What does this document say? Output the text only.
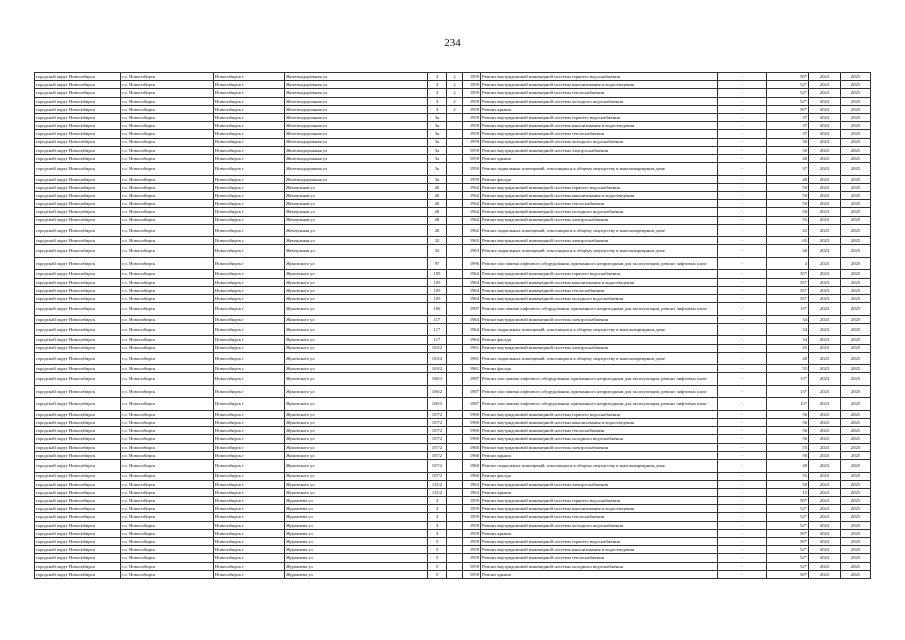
234
городской округ Новосибирск	г.о. Новосибирск	Новосибирск г	Железнодорожная ул	3	2	1959	Ремонт внутридомовой инженерной системы горячего водоснабжения	-	50*	2023	2025
городской округ Новосибирск	г.о. Новосибирск	Новосибирск г	Железнодорожная ул	3	2	1959	Ремонт внутридомовой инженерной системы канализования и водоотведения	-	52*	2023	2025
городской округ Новосибирск	г.о. Новосибирск	Новосибирск г	Железнодорожная ул	3	2	1959	Ремонт внутридомовой инженерной системы теплоснабжения	-	52*	2023	2025
городской округ Новосибирск	г.о. Новосибирск	Новосибирск г	Железнодорожная ул	3	2	1959	Ремонт внутридомовой инженерной системы холодного водоснабжения	-	52*	2023	2025
городской округ Новосибирск	г.о. Новосибирск	Новосибирск г	Железнодорожная ул	3	2	1959	Ремонт крыши	-	50*	2023	2025
городской округ Новосибирск	г.о. Новосибирск	Новосибирск г	Железнодорожная ул	3а		1959	Ремонт внутридомовой инженерной системы горячего водоснабжения	-	37	2023	2025
городской округ Новосибирск	г.о. Новосибирск	Новосибирск г	Железнодорожная ул	3а		1959	Ремонт внутридомовой инженерной системы канализования и водоотведения	-	37	2023	2025
городской округ Новосибирск	г.о. Новосибирск	Новосибирск г	Железнодорожная ул	3а		1959	Ремонт внутридомовой инженерной системы теплоснабжения	-	37	2023	2025
городской округ Новосибирск	г.о. Новосибирск	Новосибирск г	Железнодорожная ул	3а		1959	Ремонт внутридомовой инженерной системы холодного водоснабжения	-	30	2023	2025
городской округ Новосибирск	г.о. Новосибирск	Новосибирск г	Железнодорожная ул	3а		1959	Ремонт внутридомовой инженерной системы электроснабжения	-	30	2023	2025
городской округ Новосибирск	г.о. Новосибирск	Новосибирск г	Железнодорожная ул	3а		1959	Ремонт крыши	-	40	2023	2025
городской округ Новосибирск	г.о. Новосибирск	Новосибирск г	Железнодорожная ул	3а		1959	Ремонт подвальных помещений, относящихся к общему имуществу в многоквартирном доме	-	37	2023	2025
городской округ Новосибирск	г.о. Новосибирск	Новосибирск г	Железнодорожная ул	3а		1959	Ремонт фасада	-	40	2023	2025
городской округ Новосибирск	г.о. Новосибирск	Новосибирск г	Жемчужная ул	26		1962	Ремонт внутридомовой инженерной системы горячего водоснабжения	-	50	2023	2025
городской округ Новосибирск	г.о. Новосибирск	Новосибирск г	Жемчужная ул	26		1962	Ремонт внутридомовой инженерной системы канализования и водоотведения	-	50	2023	2025
городской округ Новосибирск	г.о. Новосибирск	Новосибирск г	Жемчужная ул	26		1962	Ремонт внутридомовой инженерной системы теплоснабжения	-	50	2023	2025
городской округ Новосибирск	г.о. Новосибирск	Новосибирск г	Жемчужная ул	26		1962	Ремонт внутридомовой инженерной системы холодного водоснабжения	-	50	2023	2025
городской округ Новосибирск	г.о. Новосибирск	Новосибирск г	Жемчужная ул	28		1962	Ремонт внутридомовой инженерной системы электроснабжения	-	55	2023	2025
городской округ Новосибирск	г.о. Новосибирск	Новосибирск г	Жемчужная ул	28		1962	Ремонт подвальных помещений, относящихся к общему имуществу в многоквартирном доме	-	43	2023	2025
городской округ Новосибирск	г.о. Новосибирск	Новосибирск г	Жемчужная ул	32		1963	Ремонт внутридомовой инженерной системы электроснабжения	-	65	2023	2025
городской округ Новосибирск	г.о. Новосибирск	Новосибирск г	Жемчужная ул	32		1963	Ремонт подвальных помещений, относящихся к общему имуществу в многоквартирном доме	-	40	2023	2025
городской округ Новосибирск	г.о. Новосибирск	Новосибирск г	Жуковского ул	97		1996	Ремонт или замена лифтового оборудования, признанного непригодным для эксплуатации, ремонт лифтовых шахт	-	4	2023	2025
городской округ Новосибирск	г.о. Новосибирск	Новосибирск г	Жуковского ул	105		1964	Ремонт внутридомовой инженерной системы горячего водоснабжения	-	35*	2023	2025
городской округ Новосибирск	г.о. Новосибирск	Новосибирск г	Жуковского ул	105		1964	Ремонт внутридомовой инженерной системы канализования и водоотведения	-	35*	2023	2025
городской округ Новосибирск	г.о. Новосибирск	Новосибирск г	Жуковского ул	105		1964	Ремонт внутридомовой инженерной системы теплоснабжения	-	35*	2023	2025
городской округ Новосибирск	г.о. Новосибирск	Новосибирск г	Жуковского ул	105		1964	Ремонт внутридомовой инженерной системы холодного водоснабжения	-	35*	2023	2025
городской округ Новосибирск	г.о. Новосибирск	Новосибирск г	Жуковского ул	106		1987	Ремонт или замена лифтового оборудования, признанного непригодным для эксплуатации, ремонт лифтовых шахт	-	13*	2023	2025
городской округ Новосибирск	г.о. Новосибирск	Новосибирск г	Жуковского ул	117		1964	Ремонт внутридомовой инженерной системы электроснабжения	-	34	2023	2025
городской округ Новосибирск	г.о. Новосибирск	Новосибирск г	Жуковского ул	117		1964	Ремонт подвальных помещений, относящихся к общему имуществу в многоквартирном доме	-	34	2023	2025
городской округ Новосибирск	г.о. Новосибирск	Новосибирск г	Жуковского ул	117		1964	Ремонт фасада	-	34	2023	2025
городской округ Новосибирск	г.о. Новосибирск	Новосибирск г	Жуковского ул	103/2		1961	Ремонт внутридомовой инженерной системы электроснабжения	-	45	2023	2025
городской округ Новосибирск	г.о. Новосибирск	Новосибирск г	Жуковского ул	103/2		1961	Ремонт подвальных помещений, относящихся к общему имуществу в многоквартирном доме	-	40	2023	2025
городской округ Новосибирск	г.о. Новосибирск	Новосибирск г	Жуковского ул	103/2		1961	Ремонт фасада	-	55	2023	2025
городской округ Новосибирск	г.о. Новосибирск	Новосибирск г	Жуковского ул	106/1		1987	Ремонт или замена лифтового оборудования, признанного непригодным для эксплуатации, ремонт лифтовых шахт	-	13*	2023	2025
городской округ Новосибирск	г.о. Новосибирск	Новосибирск г	Жуковского ул	106/2		1987	Ремонт или замена лифтового оборудования, признанного непригодным для эксплуатации, ремонт лифтовых шахт	-	13*	2023	2025
городской округ Новосибирск	г.о. Новосибирск	Новосибирск г	Жуковского ул	106/3		1987	Ремонт или замена лифтового оборудования, признанного непригодным для эксплуатации, ремонт лифтовых шахт	-	13*	2023	2025
городской округ Новосибирск	г.о. Новосибирск	Новосибирск г	Жуковского ул	107/2		1960	Ремонт внутридомовой инженерной системы горячего водоснабжения	-	56	2023	2025
городской округ Новосибирск	г.о. Новосибирск	Новосибирск г	Жуковского ул	107/2		1960	Ремонт внутридомовой инженерной системы канализования и водоотведения	-	56	2023	2025
городской округ Новосибирск	г.о. Новосибирск	Новосибирск г	Жуковского ул	107/2		1960	Ремонт внутридомовой инженерной системы теплоснабжения	-	56	2023	2025
городской округ Новосибирск	г.о. Новосибирск	Новосибирск г	Жуковского ул	107/2		1960	Ремонт внутридомовой инженерной системы холодного водоснабжения	-	56	2023	2025
городской округ Новосибирск	г.о. Новосибирск	Новосибирск г	Жуковского ул	107/2		1960	Ремонт внутридомовой инженерной системы электроснабжения	-	55	2023	2025
городской округ Новосибирск	г.о. Новосибирск	Новосибирск г	Жуковского ул	107/2		1960	Ремонт крыши	-	50	2023	2025
городской округ Новосибирск	г.о. Новосибирск	Новосибирск г	Жуковского ул	107/2		1960	Ремонт подвальных помещений, относящихся к общему имуществу в многоквартирном доме	-	49	2023	2025
городской округ Новосибирск	г.о. Новосибирск	Новосибирск г	Жуковского ул	107/2		1960	Ремонт фасада	-	55	2023	2025
городской округ Новосибирск	г.о. Новосибирск	Новосибирск г	Жуковского ул	115/2		1963	Ремонт внутридомовой инженерной системы электроснабжения	-	50	2023	2025
городской округ Новосибирск	г.о. Новосибирск	Новосибирск г	Жуковского ул	115/2		1963	Ремонт крыши	-	15	2023	2025
городской округ Новосибирск	г.о. Новосибирск	Новосибирск г	Журавлева ул	3		1959	Ремонт внутридомовой инженерной системы горячего водоснабжения	-	50*	2023	2025
городской округ Новосибирск	г.о. Новосибирск	Новосибирск г	Журавлева ул	3		1959	Ремонт внутридомовой инженерной системы канализования и водоотведения	-	52*	2023	2025
городской округ Новосибирск	г.о. Новосибирск	Новосибирск г	Журавлева ул	3		1959	Ремонт внутридомовой инженерной системы теплоснабжения	-	52*	2023	2025
городской округ Новосибирск	г.о. Новосибирск	Новосибирск г	Журавлева ул	3		1959	Ремонт внутридомовой инженерной системы холодного водоснабжения	-	52*	2023	2025
городской округ Новосибирск	г.о. Новосибирск	Новосибирск г	Журавлева ул	3		1959	Ремонт крыши	-	50*	2023	2025
городской округ Новосибирск	г.о. Новосибирск	Новосибирск г	Журавлева ул	5		1959	Ремонт внутридомовой инженерной системы горячего водоснабжения	-	50*	2023	2025
городской округ Новосибирск	г.о. Новосибирск	Новосибирск г	Журавлева ул	5		1959	Ремонт внутридомовой инженерной системы канализования и водоотведения	-	52*	2023	2025
городской округ Новосибирск	г.о. Новосибирск	Новосибирск г	Журавлева ул	5		1959	Ремонт внутридомовой инженерной системы теплоснабжения	-	52*	2023	2025
городской округ Новосибирск	г.о. Новосибирск	Новосибирск г	Журавлева ул	5		1959	Ремонт внутридомовой инженерной системы холодного водоснабжения	-	52*	2023	2025
городской округ Новосибирск	г.о. Новосибирск	Новосибирск г	Журавлева ул	5		1959	Ремонт крыши	-	50*	2023	2025
